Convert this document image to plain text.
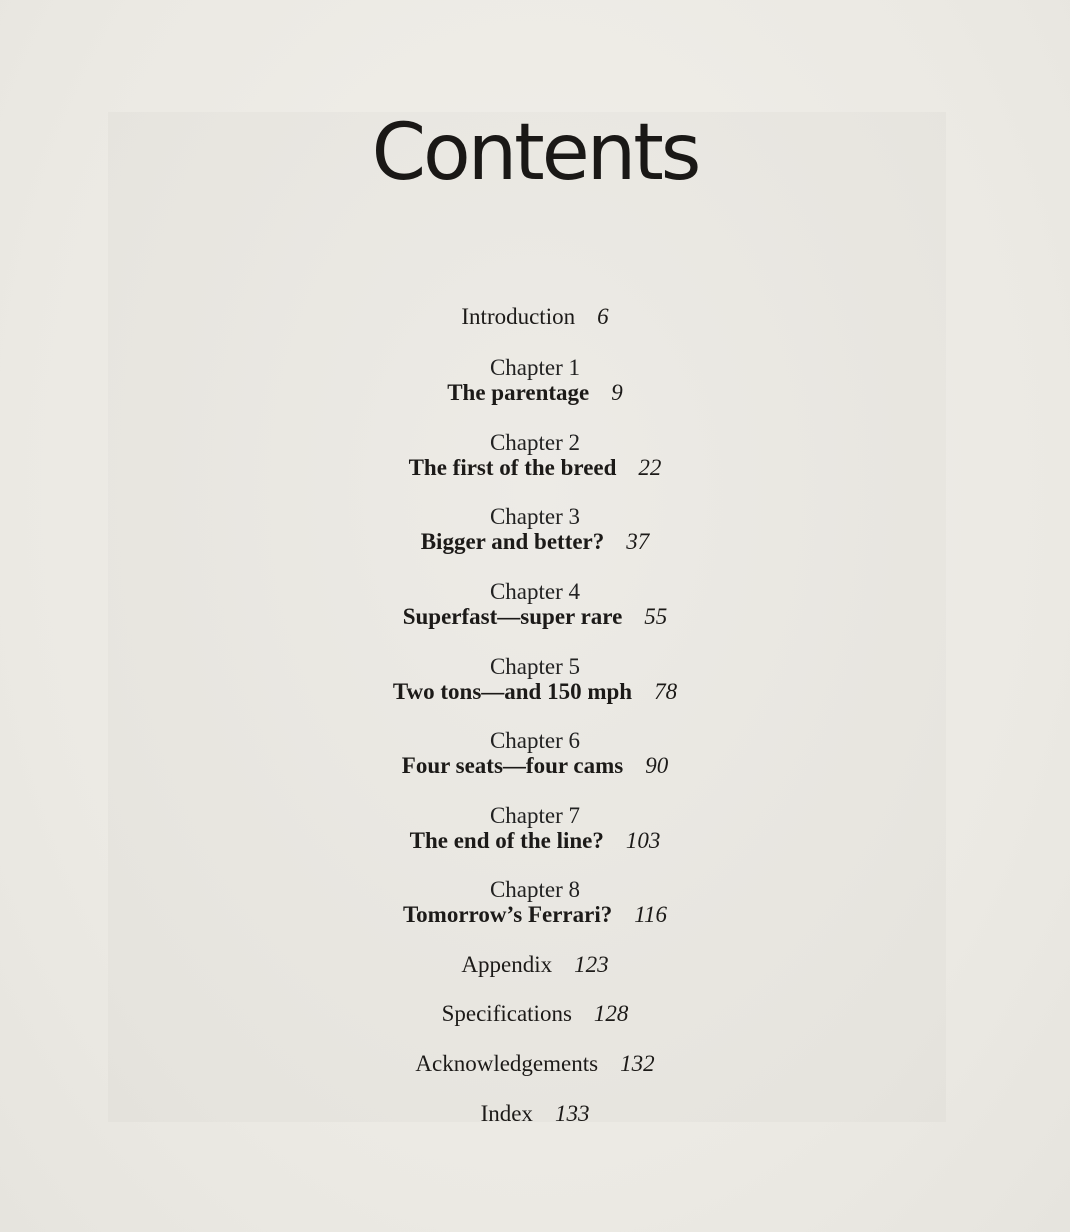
Contents
Introduction 6
Chapter 1
The parentage 9
Chapter 2
The first of the breed 22
Chapter 3
Bigger and better? 37
Chapter 4
Superfast—super rare 55
Chapter 5
Two tons—and 150 mph 78
Chapter 6
Four seats—four cams 90
Chapter 7
The end of the line? 103
Chapter 8
Tomorrow’s Ferrari? 116
Appendix 123
Specifications 128
Acknowledgements 132
Index 133
